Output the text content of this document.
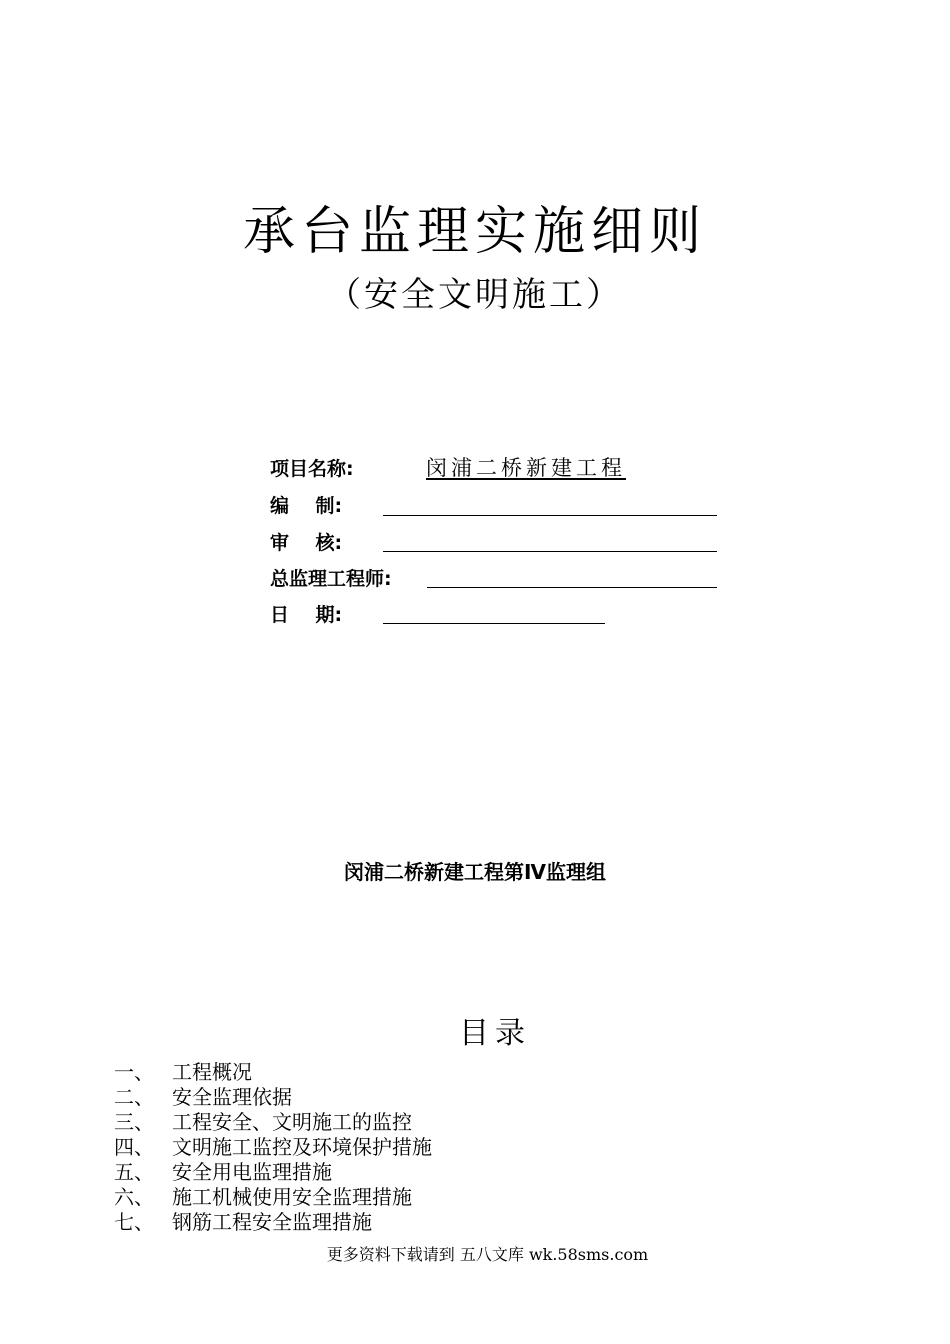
承台监理实施细则
（安全文明施工）
项目名称:	闵浦二桥新建工程
编    制:
审    核:
总监理工程师:
日    期:
闵浦二桥新建工程第Ⅳ监理组
目录
一、 工程概况
二、 安全监理依据
三、 工程安全、文明施工的监控
四、 文明施工监控及环境保护措施
五、 安全用电监理措施
六、 施工机械使用安全监理措施
七、 钢筋工程安全监理措施
更多资料下载请到 五八文库 wk.58sms.com
